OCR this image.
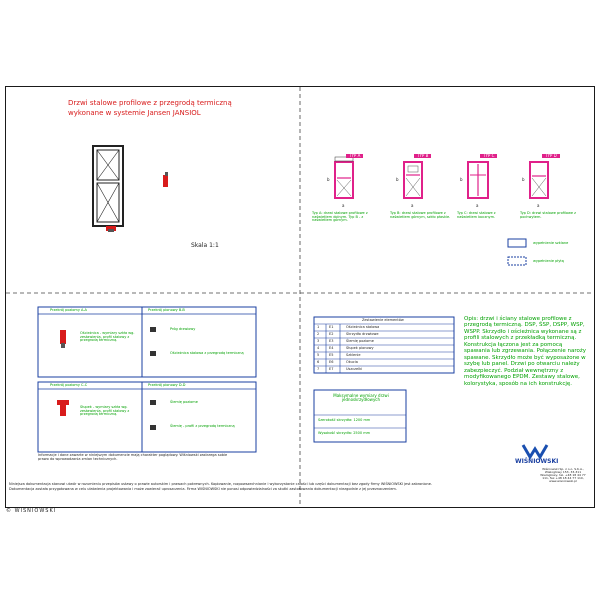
Drzwi stalowe profilowe z przegrodą termiczną
wykonane w systemie Jansen JANSIOL
Skala 1:1
TYP A	TYP B	TYP C	TYP D
a
b
a
b
a
b
a
b
Typ A: drzwi stalowe profilowe z naświetlem dolnym. Typ B - z naświetlem górnym.
Typ B: drzwi stalowe profilowe z naświetlem górnym, szkło płaskie.
Typ C: drzwi stalowe z naświetlem bocznym.
Typ D: drzwi stalowe profilowe z pochwytem.
wypełnienie szklane
wypełnienie płytą
Przekrój poziomy A-A
Ościeżnica - wymiary szkła wg. zestawienia, profil stalowy z przegrodą termiczną.
Przekrój pionowy B-B
Próg drzwiowy
Ościeżnica stalowa z przegrodą termiczną
Przekrój poziomy C-C
Słupek - wymiary szkła wg. zestawienia, profil stalowy z przegrodą termiczną.
Przekrój pionowy D-D
Ślemię poziome
Ślemię - profil z przegrodą termiczną
Zestawienie elementów
1	E1	Ościeżnica stalowa
2	E2	Skrzydło drzwiowe
3	E3	Ślemię poziome
4	E4	Słupek pionowy
5	E5	Szklenie
6	E6	Okucia
7	E7	Uszczelki
Maksymalne wymiary drzwi jednoskrzydłowych
Szerokość skrzydła: 1200 mm
Wysokość skrzydła: 2500 mm
Opis: drzwi i ściany stalowe profilowe z przegrodą termiczną. DSP, ŚSP, DSPP, WSP, WSPP. Skrzydło i ościeżnica wykonane są z profili stalowych z przekładką termiczną. Konstrukcja łączona jest za pomocą spawania lub zgrzewania. Połączenie naroży spawane. Skrzydło może być wyposażone w szybę lub panel. Drzwi po otwarciu należy zabezpieczyć. Podział wewnętrzny z modyfikowanego EPDM. Zestawy stalowe, kolorystyka, sposób na ich konstrukcję.
WIŚNIOWSKI
Wiśniowski Sp. z o.o. S.K.A., Wielogłowy 153, 33-311 Wielogłowy, tel. +48 18 44 77 111, fax +48 18 44 77 110, www.wisniowski.pl
Informacje i dane zawarte w niniejszym dokumencie mają charakter poglądowy. Wiśniowski zastrzega sobie prawo do wprowadzania zmian technicznych.
Niniejsza dokumentacja stanowi utwór w rozumieniu przepisów ustawy o prawie autorskim i prawach pokrewnych. Kopiowanie, rozpowszechnianie i wykorzystanie całości lub części dokumentacji bez zgody firmy WIŚNIOWSKI jest zabronione. Dokumentacja została przygotowana w celu ułatwienia projektowania i może zawierać uproszczenia. Firma WIŚNIOWSKI nie ponosi odpowiedzialności za skutki zastosowania dokumentacji niezgodnie z jej przeznaczeniem.
© WIŚNIOWSKI
